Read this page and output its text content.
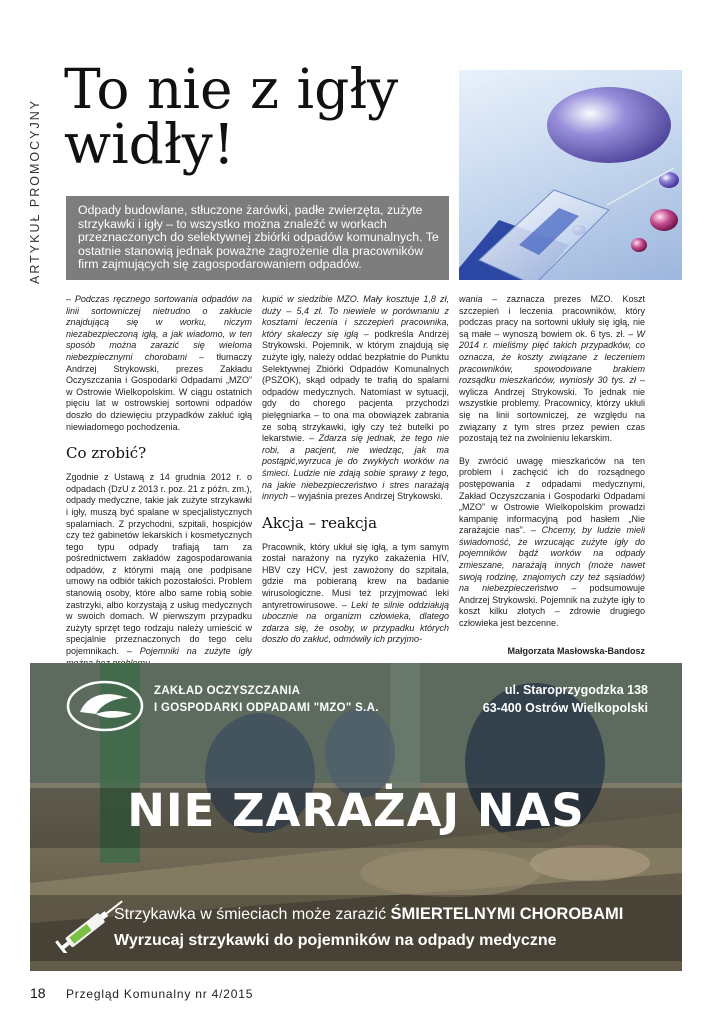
ARTYKUŁ PROMOCYJNY
To nie z igły
widły!

Odpady budowlane, stłuczone żarówki, padłe zwierzęta, zużyte strzykawki i igły – to wszystko można znaleźć w workach przeznaczonych do selektywnej zbiórki odpadów komunalnych. Te ostatnie stanowią jednak poważne zagrożenie dla pracowników firm zajmujących się zagospodarowaniem odpadów.

– Podczas ręcznego sortowania odpadów na linii sortowniczej nietrudno o zakłucie znajdującą się w worku, niczym niezabezpieczoną igłą, a jak wiadomo, w ten sposób można zarazić się wieloma niebezpiecznymi chorobami – tłumaczy Andrzej Strykowski, prezes Zakładu Oczyszczania i Gospodarki Odpadami „MZO” w Ostrowie Wielkopolskim. W ciągu ostatnich pięciu lat w ostrowskiej sortowni odpadów doszło do dziewięciu przypadków zakłuć igłą niewiadomego pochodzenia.

Co zrobić?

Zgodnie z Ustawą z 14 grudnia 2012 r. o odpadach (DzU z 2013 r. poz. 21 z późn. zm.), odpady medyczne, takie jak zużyte strzykawki i igły, muszą być spalane w specjalistycznych spalarniach. Z przychodni, szpitali, hospicjów czy też gabinetów lekarskich i kosmetycznych tego typu odpady trafiają tam za pośrednictwem zakładów zagospodarowania odpadów, z którymi mają one podpisane umowy na odbiór takich pozostałości. Problem stanowią osoby, które albo same robią sobie zastrzyki, albo korzystają z usług medycznych w swoich domach. W pierwszym przypadku zużyty sprzęt tego rodzaju należy umieścić w specjalnie przeznaczonych do tego celu pojemnikach. – Pojemniki na zużyte igły

kupić w siedzibie MZO. Mały kosztuje 1,8 zł, duży – 5,4 zł. To niewiele w porównaniu z kosztami leczenia i szczepień pracownika, który skaleczy się igłą – podkreśla Andrzej Strykowski. Pojemnik, w którym znajdują się zużyte igły, należy oddać bezpłatnie do Punktu Selektywnej Zbiórki Odpadów Komunalnych (PSZOK), skąd odpady te trafią do spalarni odpadów medycznych. Natomiast w sytuacji, gdy do chorego pacjenta przychodzi pielęgniarka – to ona ma obowiązek zabrania ze sobą strzykawki, igły czy też butelki po lekarstwie. – Zdarza się jednak, że tego nie robi, a pacjent, nie wiedząc, jak ma postąpić,wyrzuca je do zwykłych worków na śmieci. Ludzie nie zdają sobie sprawy z tego, na jakie niebezpieczeństwo i stres narażają innych – wyjaśnia prezes Andrzej Strykowski.

Akcja – reakcja

Pracownik, który ukłuł się igłą, a tym samym został narażony na ryzyko zakażenia HIV, HBV czy HCV, jest zawożony do szpitala, gdzie ma pobieraną krew na badanie wirusologiczne. Musi też przyjmować leki antyretrowirusowe. – Leki te silnie oddziałują ubocznie na organizm człowieka, dlatego zdarza się, że osoby, w przypadku których doszło do zakłuć, odmówiły ich przyjmo-

wania – zaznacza prezes MZO. Koszt szczepień i leczenia pracowników, który podczas pracy na sortowni ukłuły się igłą, nie są małe – wynoszą bowiem ok. 6 tys. zł. – W 2014 r. mieliśmy pięć takich przypadków, co oznacza, że koszty związane z leczeniem pracowników, spowodowane brakiem rozsądku mieszkańców, wyniosły 30 tys. zł – wylicza Andrzej Strykowski. To jednak nie wszystkie problemy. Pracownicy, którzy ukłuli się na linii sortowniczej, ze względu na związany z tym stres przez pewien czas pozostają też na zwolnieniu lekarskim.

By zwrócić uwagę mieszkańców na ten problem i zachęcić ich do rozsądnego postępowania z odpadami medycznymi, Zakład Oczyszczania i Gospodarki Odpadami „MZO” w Ostrowie Wielkopolskim prowadzi kampanię informacyjną pod hasłem „Nie zarażajcie nas”. – Chcemy, by ludzie mieli świadomość, że wrzucając zużyte igły do pojemników bądź worków na odpady zmieszane, narażają innych (może nawet swoją rodzinę, znajomych czy też sąsiadów) na niebezpieczeństwo – podsumowuje Andrzej Strykowski. Pojemnik na zużyte igły to koszt kilku złotych – zdrowie drugiego człowieka jest bezcenne.

Małgorzata Masłowska-Bandosz
ZAKŁAD OCZYSZCZANIA
I GOSPODARKI ODPADAMI "MZO" S.A.
ul. Staroprzygodzka 138
63-400 Ostrów Wielkopolski
NIE ZARAŻAJ NAS
Strzykawka w śmieciach może zarazić ŚMIERTELNYMI CHOROBAMI
Wyrzucaj strzykawki do pojemników na odpady medyczne
18 Przegląd Komunalny nr 4/2015
